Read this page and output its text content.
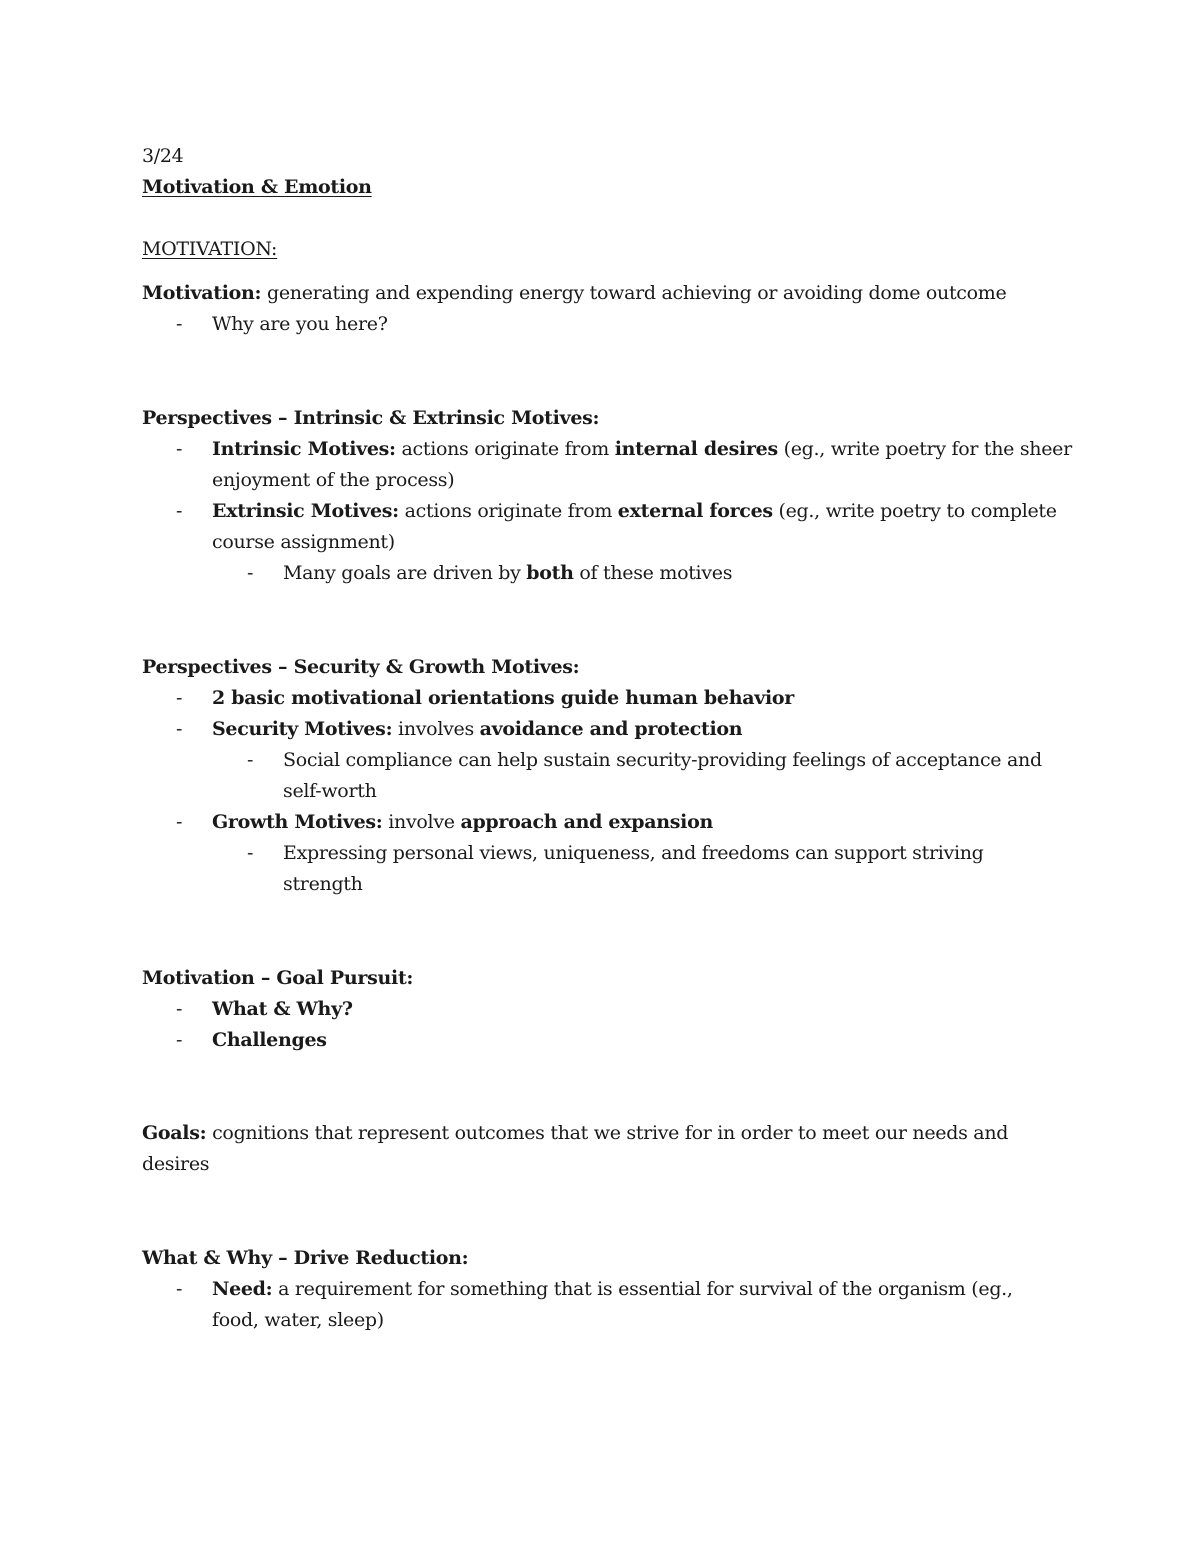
3/24
Motivation & Emotion
MOTIVATION:
Motivation: generating and expending energy toward achieving or avoiding dome outcome
- Why are you here?
Perspectives – Intrinsic & Extrinsic Motives:
- Intrinsic Motives: actions originate from internal desires (eg., write poetry for the sheer
enjoyment of the process)
- Extrinsic Motives: actions originate from external forces (eg., write poetry to complete
course assignment)
- Many goals are driven by both of these motives
Perspectives – Security & Growth Motives:
- 2 basic motivational orientations guide human behavior
- Security Motives: involves avoidance and protection
- Social compliance can help sustain security-providing feelings of acceptance and
self-worth
- Growth Motives: involve approach and expansion
- Expressing personal views, uniqueness, and freedoms can support striving
strength
Motivation – Goal Pursuit:
- What & Why?
- Challenges
Goals: cognitions that represent outcomes that we strive for in order to meet our needs and
desires
What & Why – Drive Reduction:
- Need: a requirement for something that is essential for survival of the organism (eg.,
food, water, sleep)
